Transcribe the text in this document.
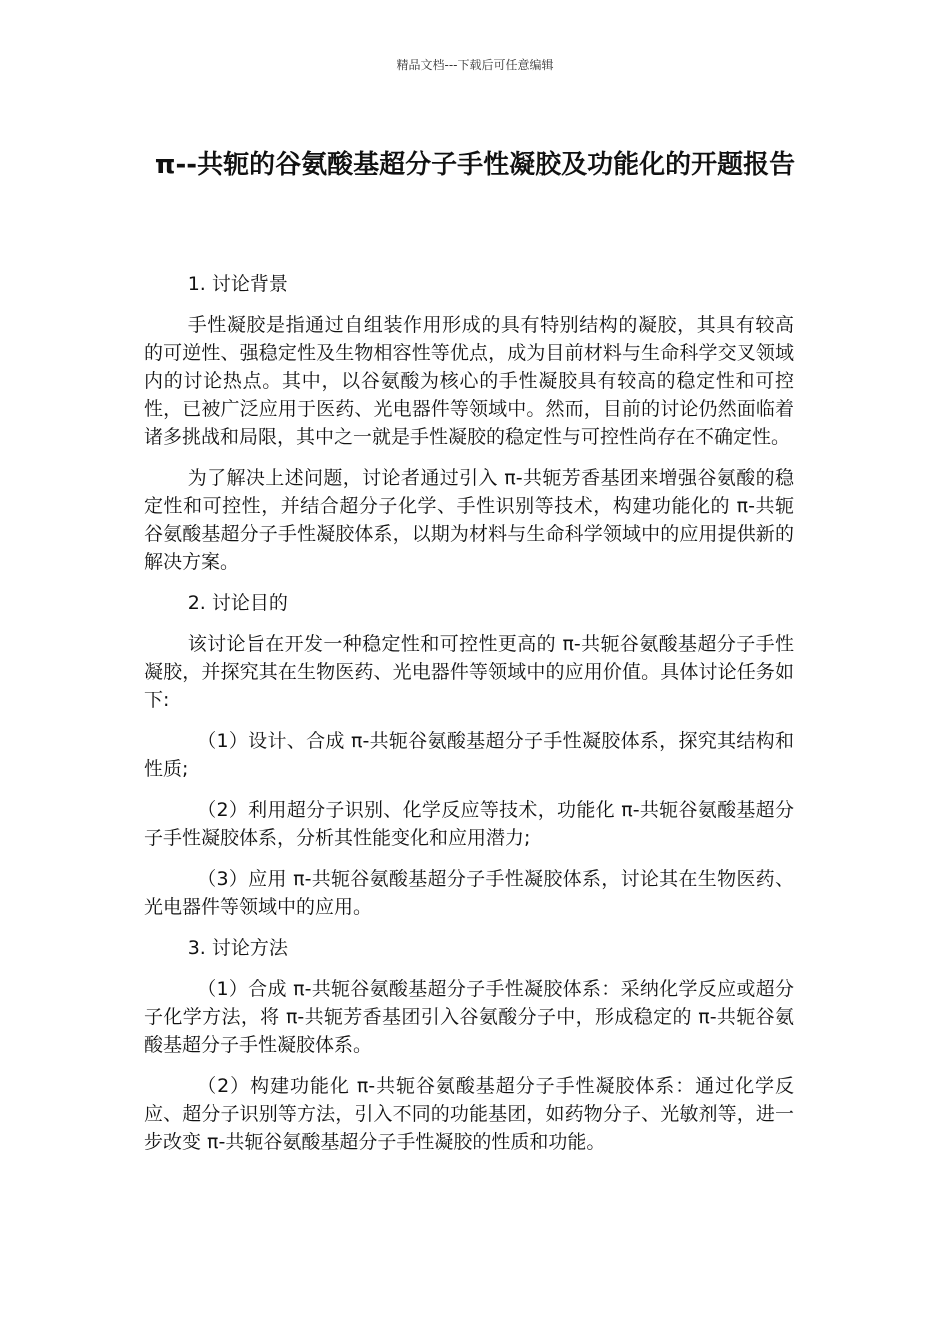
精品文档---下载后可任意编辑
π--共轭的谷氨酸基超分子手性凝胶及功能化的开题报告

1. 讨论背景

手性凝胶是指通过自组装作用形成的具有特别结构的凝胶，其具有较高的可逆性、强稳定性及生物相容性等优点，成为目前材料与生命科学交叉领域内的讨论热点。其中，以谷氨酸为核心的手性凝胶具有较高的稳定性和可控性，已被广泛应用于医药、光电器件等领域中。然而，目前的讨论仍然面临着诸多挑战和局限，其中之一就是手性凝胶的稳定性与可控性尚存在不确定性。

为了解决上述问题，讨论者通过引入 π-共轭芳香基团来增强谷氨酸的稳定性和可控性，并结合超分子化学、手性识别等技术，构建功能化的 π-共轭谷氨酸基超分子手性凝胶体系，以期为材料与生命科学领域中的应用提供新的解决方案。

2. 讨论目的

该讨论旨在开发一种稳定性和可控性更高的 π-共轭谷氨酸基超分子手性凝胶，并探究其在生物医药、光电器件等领域中的应用价值。具体讨论任务如下:

（1）设计、合成 π-共轭谷氨酸基超分子手性凝胶体系，探究其结构和性质;

（2）利用超分子识别、化学反应等技术，功能化 π-共轭谷氨酸基超分子手性凝胶体系，分析其性能变化和应用潜力;

（3）应用 π-共轭谷氨酸基超分子手性凝胶体系，讨论其在生物医药、光电器件等领域中的应用。

3. 讨论方法

（1）合成 π-共轭谷氨酸基超分子手性凝胶体系：采纳化学反应或超分子化学方法，将 π-共轭芳香基团引入谷氨酸分子中，形成稳定的 π-共轭谷氨酸基超分子手性凝胶体系。

（2）构建功能化 π-共轭谷氨酸基超分子手性凝胶体系：通过化学反应、超分子识别等方法，引入不同的功能基团，如药物分子、光敏剂等，进一步改变 π-共轭谷氨酸基超分子手性凝胶的性质和功能。
